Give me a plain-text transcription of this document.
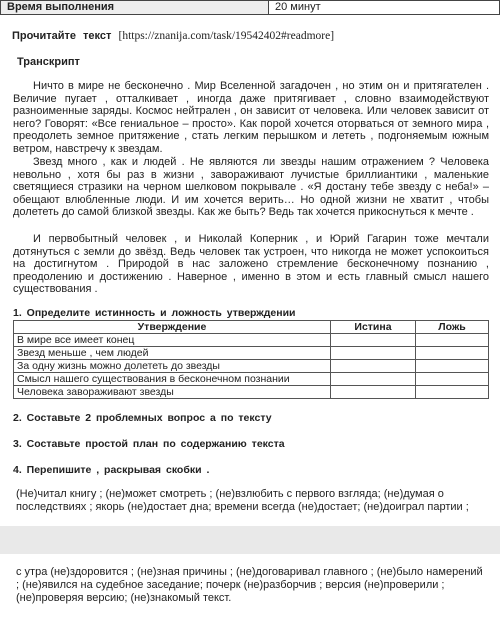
Время выполнения	20 минут
Прочитайте текст [https://znanija.com/task/19542402#readmore]
Транскрипт

Ничто в мире не бесконечно . Мир Вселенной загадочен , но этим он и притягателен . Величие пугает , отталкивает , иногда даже притягивает , словно взаимодействуют разноименные заряды. Космос нейтрален , он зависит от человека. Или человек зависит от него? Говорят: «Все гениальное – просто». Как порой хочется оторваться от земного мира , преодолеть земное притяжение , стать легким перышком и лететь , подгоняемым южным ветром, навстречу к звездам.

Звезд много , как и людей . Не являются ли звезды нашим отражением ? Человека невольно , хотя бы раз в жизни , завораживают лучистые бриллиантики , маленькие светящиеся стразики на черном шелковом покрывале . «Я достану тебе звезду с неба!» – обещают влюбленные люди. И им хочется верить… Но одной жизни не хватит , чтобы долететь до самой близкой звезды. Как же быть? Ведь так хочется прикоснуться к мечте .

И первобытный человек , и Николай Коперник , и Юрий Гагарин тоже мечтали дотянуться с земли до звёзд. Ведь человек так устроен, что никогда не может успокоиться на достигнутом . Природой в нас заложено стремление бесконечному познанию , преодолению и достижению . Наверное , именно в этом и есть главный смысл нашего существования .

1. Определите истинность и ложность утверждении
Утверждение	Истина	Ложь
В мире все имеет конец		
Звезд меньше , чем людей		
За одну жизнь можно долететь до звезды		
Смысл нашего существования в бесконечном познании		
Человека завораживают звезды		
2. Составьте 2 проблемных вопрос а по тексту
3. Составьте простой план по содержанию текста
4. Перепишите , раскрывая скобки .

(Не)читал книгу ; (не)может смотреть ; (не)взлюбить с первого взгляда; (не)думая о последствиях ; якорь (не)достает дна; времени всегда (не)достает; (не)доиграл партии ;

с утра (не)здоровится ; (не)зная причины ; (не)договаривал главного ; (не)было намерений ; (не)явился на судебное заседание; почерк (не)разборчив ; версия (не)проверили ; (не)проверяя версию; (не)знакомый текст.
